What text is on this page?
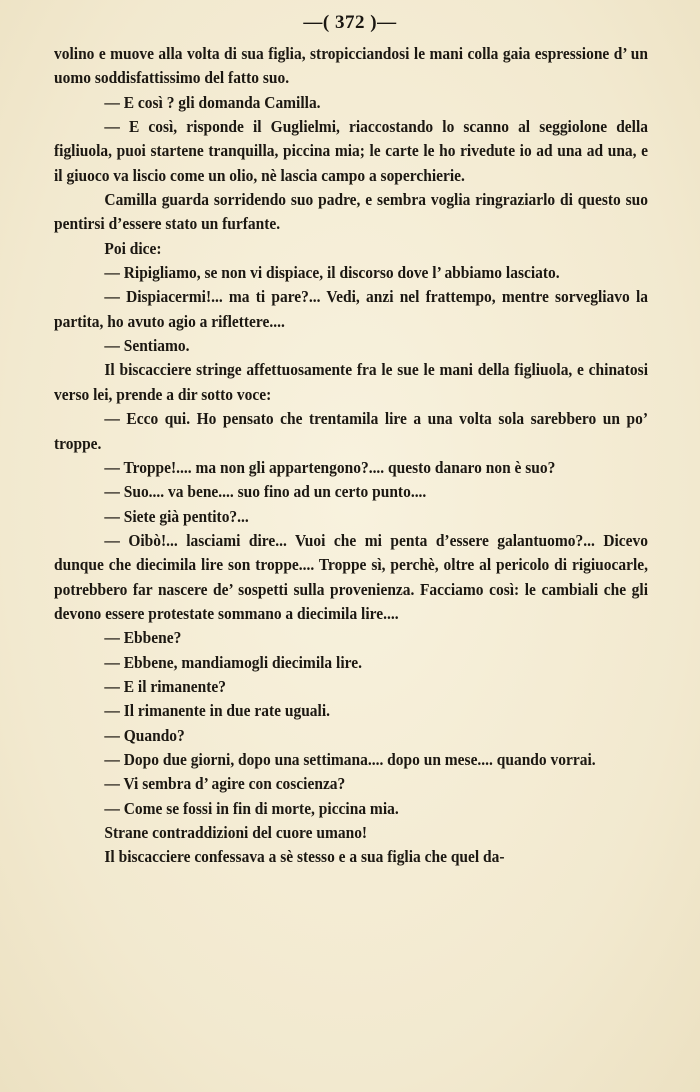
—( 372 )—

volino e muove alla volta di sua figlia, stropicciandosi le mani colla gaia espressione d’ un uomo soddisfattissimo del fatto suo.

— E così ? gli domanda Camilla.

— E così, risponde il Guglielmi, riaccostando lo scanno al seggiolone della figliuola, puoi startene tranquilla, piccina mia; le carte le ho rivedute io ad una ad una, e il giuoco va liscio come un olio, nè lascia campo a soperchierie.

Camilla guarda sorridendo suo padre, e sembra voglia ringraziarlo di questo suo pentirsi d’essere stato un furfante.

Poi dice:

— Ripigliamo, se non vi dispiace, il discorso dove l’ abbiamo lasciato.

— Dispiacermi!... ma ti pare?... Vedi, anzi nel frattempo, mentre sorvegliavo la partita, ho avuto agio a riflettere....

— Sentiamo.

Il biscacciere stringe affettuosamente fra le sue le mani della figliuola, e chinatosi verso lei, prende a dir sotto voce:

— Ecco qui. Ho pensato che trentamila lire a una volta sola sarebbero un po’ troppe.

— Troppe!.... ma non gli appartengono?.... questo danaro non è suo?

— Suo.... va bene.... suo fino ad un certo punto....

— Siete già pentito?...

— Oibò!... lasciami dire... Vuoi che mi penta d’essere galantuomo?... Dicevo dunque che diecimila lire son troppe.... Troppe sì, perchè, oltre al pericolo di rigiuocarle, potrebbero far nascere de’ sospetti sulla provenienza. Facciamo così: le cambiali che gli devono essere protestate sommano a diecimila lire....

— Ebbene?

— Ebbene, mandiamogli diecimila lire.

— E il rimanente?

— Il rimanente in due rate uguali.

— Quando?

— Dopo due giorni, dopo una settimana.... dopo un mese.... quando vorrai.

— Vi sembra d’ agire con coscienza?

— Come se fossi in fin di morte, piccina mia.

Strane contraddizioni del cuore umano!

Il biscacciere confessava a sè stesso e a sua figlia che quel da-
